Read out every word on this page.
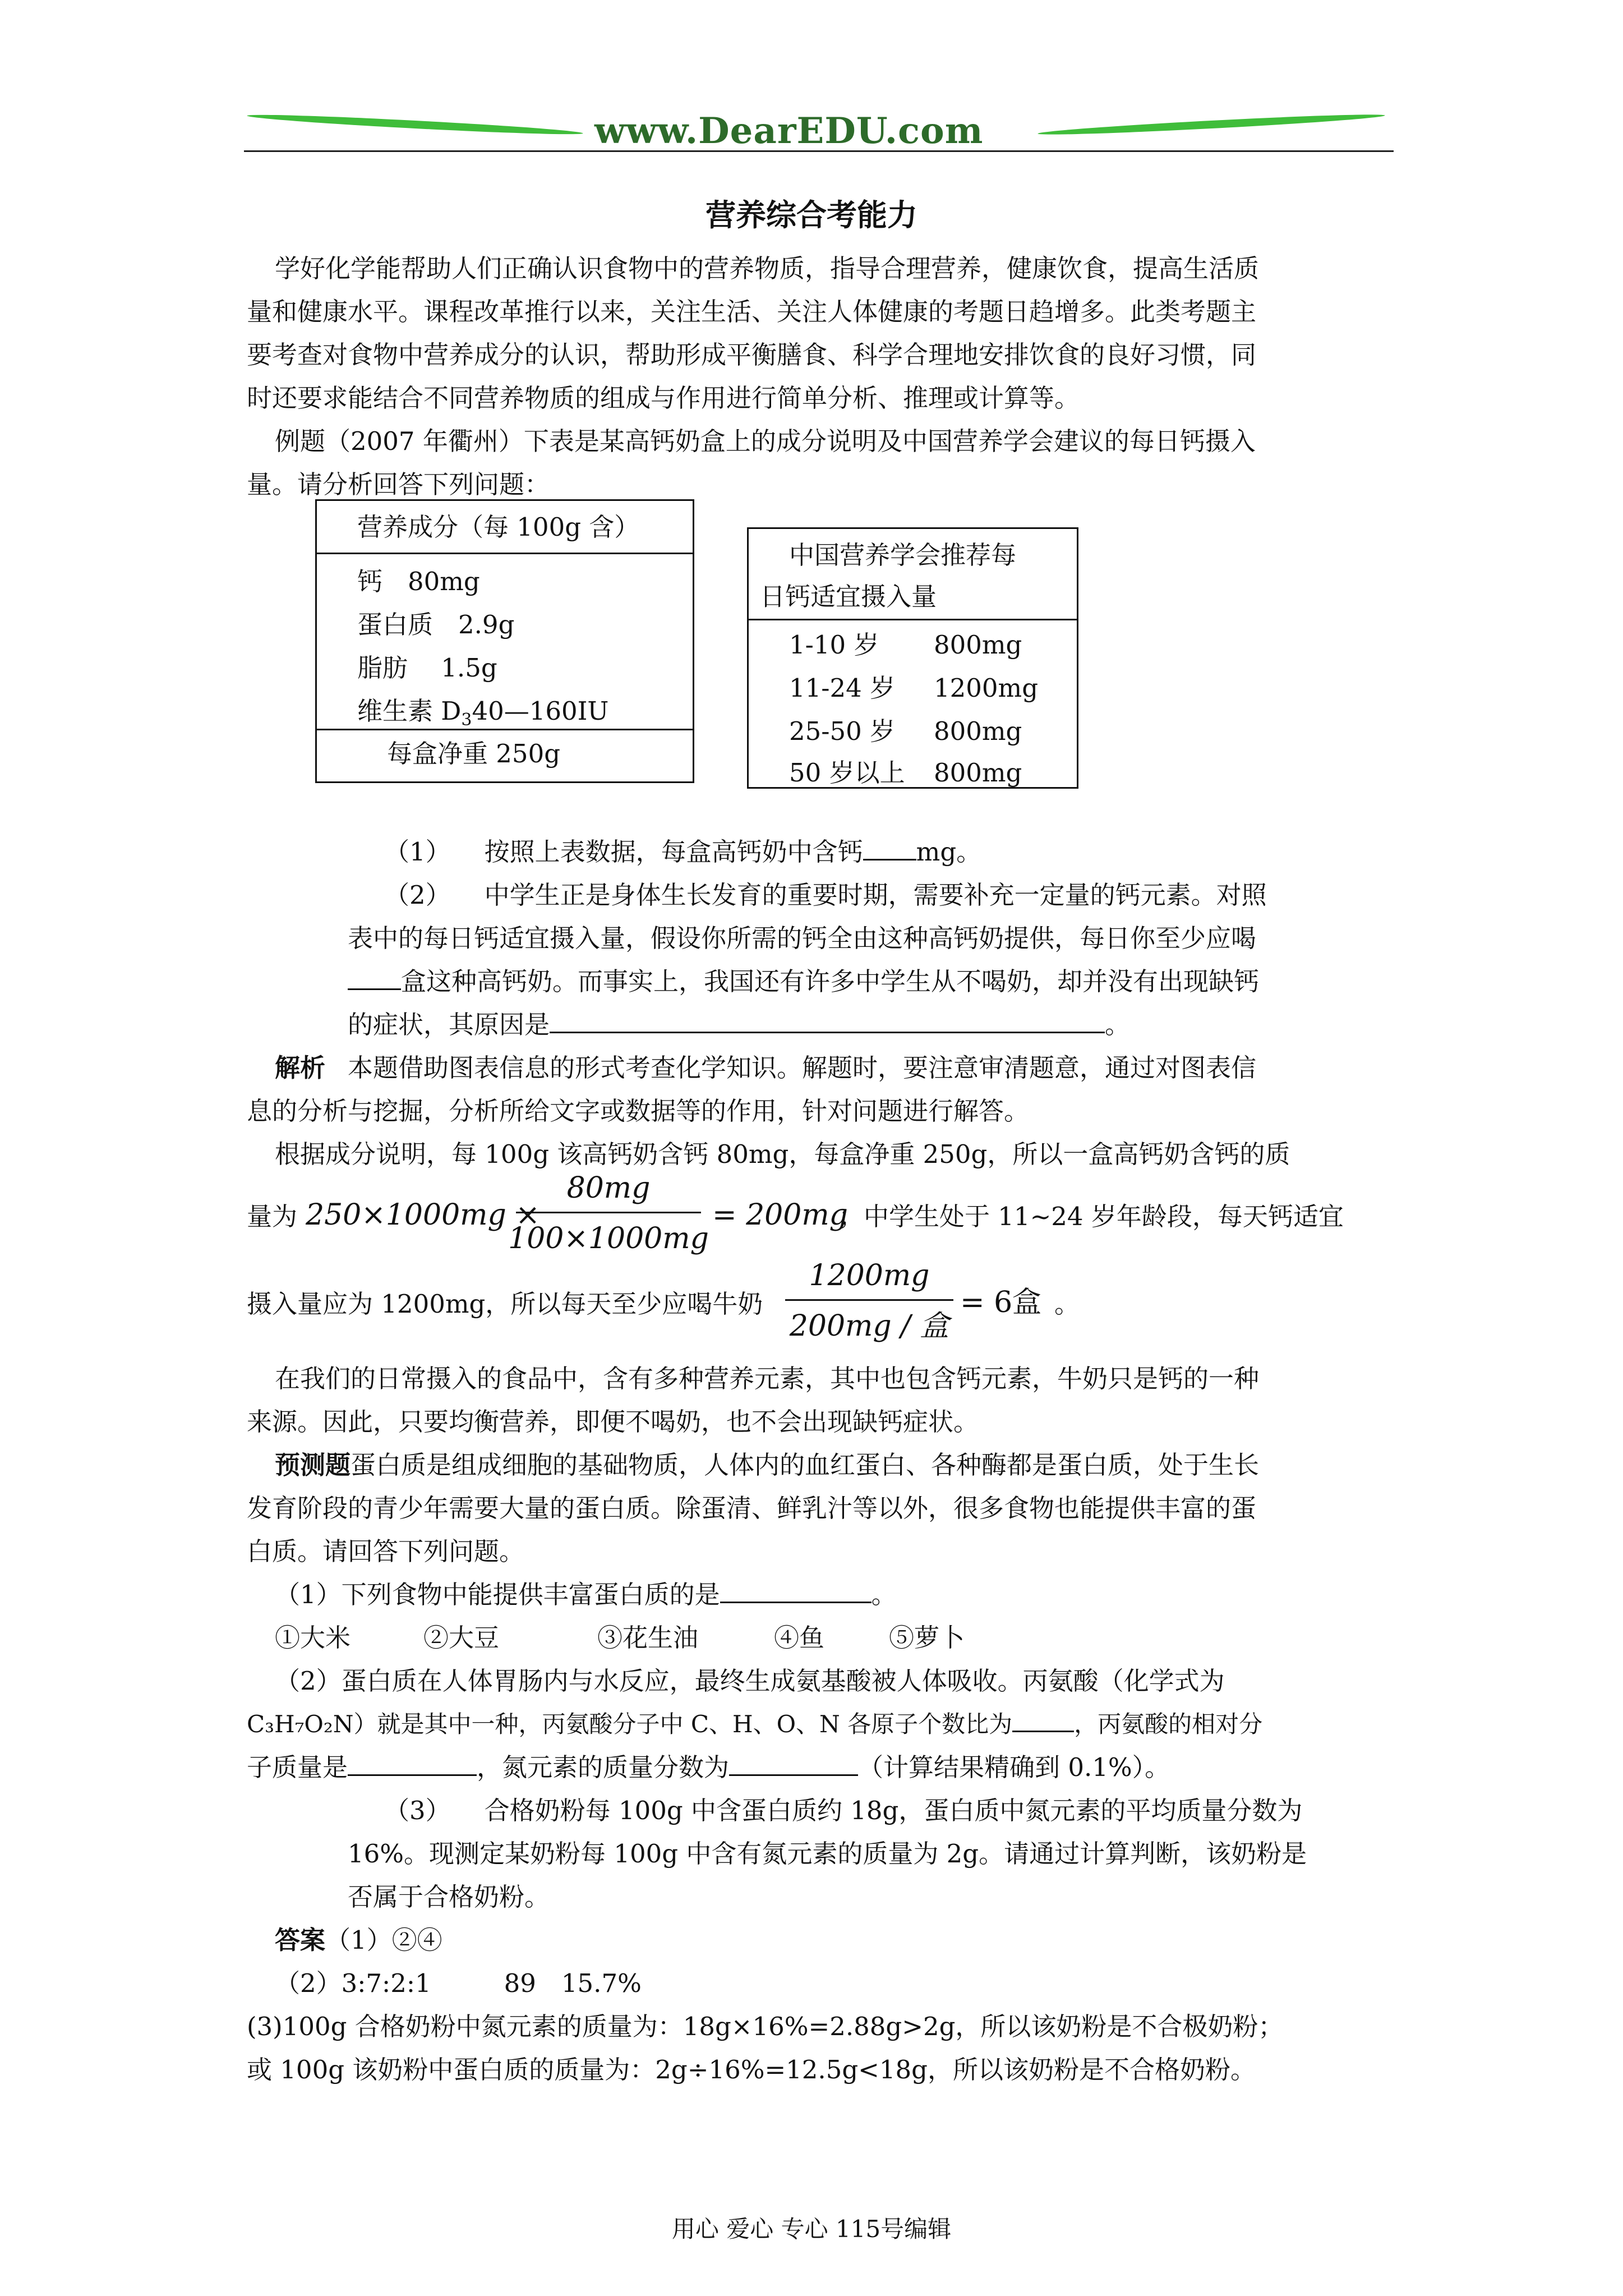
www.DearEDU.com
营养综合考能力
学好化学能帮助人们正确认识食物中的营养物质，指导合理营养，健康饮食，提高生活质
量和健康水平。课程改革推行以来，关注生活、关注人体健康的考题日趋增多。此类考题主
要考查对食物中营养成分的认识，帮助形成平衡膳食、科学合理地安排饮食的良好习惯，同
时还要求能结合不同营养物质的组成与作用进行简单分析、推理或计算等。
例题（2007 年衢州）下表是某高钙奶盒上的成分说明及中国营养学会建议的每日钙摄入
量。请分析回答下列问题：
营养成分（每 100g 含）
钙　80mg
蛋白质　2.9g
脂肪　 1.5g
维生素 $D_340—160IU$
每盒净重 250g
中国营养学会推荐每
日钙适宜摄入量
1-10 岁 800mg
11-24 岁 1200mg
25-50 岁 800mg
50 岁以上 800mg
（1） 按照上表数据，每盒高钙奶中含钙 mg。
（2） 中学生正是身体生长发育的重要时期，需要补充一定量的钙元素。对照
表中的每日钙适宜摄入量，假设你所需的钙全由这种高钙奶提供，每日你至少应喝
盒这种高钙奶。而事实上，我国还有许多中学生从不喝奶，却并没有出现缺钙
的症状，其原因是	。
解析 本题借助图表信息的形式考查化学知识。解题时，要注意审清题意，通过对图表信
息的分析与挖掘，分析所给文字或数据等的作用，针对问题进行解答。
根据成分说明，每 100g 该高钙奶含钙 80mg，每盒净重 250g，所以一盒高钙奶含钙的质
量为 250×1000mg ×
80mg
100×1000mg
= 200mg
；中学生处于 11~24 岁年龄段，每天钙适宜
摄入量应为 1200mg，所以每天至少应喝牛奶
1200mg
200mg / 盒
= 6盒 。
在我们的日常摄入的食品中，含有多种营养元素，其中也包含钙元素，牛奶只是钙的一种
来源。因此，只要均衡营养，即便不喝奶，也不会出现缺钙症状。
预测题蛋白质是组成细胞的基础物质，人体内的血红蛋白、各种酶都是蛋白质，处于生长
发育阶段的青少年需要大量的蛋白质。除蛋清、鲜乳汁等以外，很多食物也能提供丰富的蛋
白质。请回答下列问题。
（1）下列食物中能提供丰富蛋白质的是	。
①大米	②大豆	③花生油	④鱼	⑤萝卜
（2）蛋白质在人体胃肠内与水反应，最终生成氨基酸被人体吸收。丙氨酸（化学式为
C₃H₇O₂N）就是其中一种，丙氨酸分子中 C、H、O、N 各原子个数比为	，丙氨酸的相对分
子质量是	，氮元素的质量分数为	（计算结果精确到 0.1%）。
（3） 合格奶粉每 100g 中含蛋白质约 18g，蛋白质中氮元素的平均质量分数为
16%。现测定某奶粉每 100g 中含有氮元素的质量为 2g。请通过计算判断，该奶粉是
否属于合格奶粉。
答案（1）②④
（2）3:7:2:1	89 15.7%
(3)100g 合格奶粉中氮元素的质量为：18g×16%=2.88g>2g，所以该奶粉是不合极奶粉；
或 100g 该奶粉中蛋白质的质量为：2g÷16%=12.5g<18g，所以该奶粉是不合格奶粉。
用心 爱心 专心 115号编辑
